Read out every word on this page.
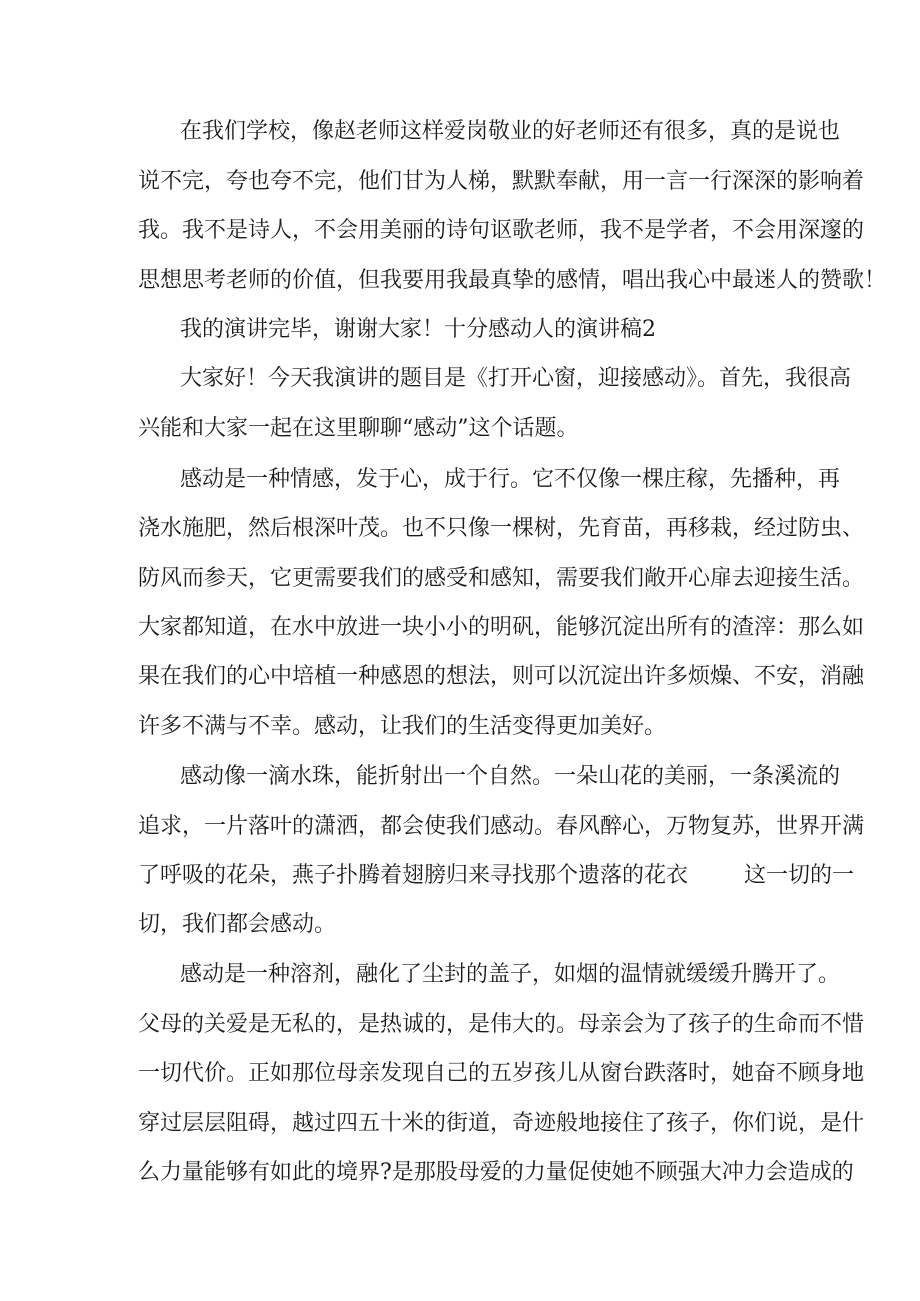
在我们学校，像赵老师这样爱岗敬业的好老师还有很多，真的是说也
说不完，夸也夸不完，他们甘为人梯，默默奉献，用一言一行深深的影响着
我。我不是诗人，不会用美丽的诗句讴歌老师，我不是学者，不会用深邃的
思想思考老师的价值，但我要用我最真挚的感情，唱出我心中最迷人的赞歌！
我的演讲完毕，谢谢大家！十分感动人的演讲稿2
大家好！今天我演讲的题目是《打开心窗，迎接感动》。首先，我很高
兴能和大家一起在这里聊聊“感动”这个话题。
感动是一种情感，发于心，成于行。它不仅像一棵庄稼，先播种，再
浇水施肥，然后根深叶茂。也不只像一棵树，先育苗，再移栽，经过防虫、
防风而参天，它更需要我们的感受和感知，需要我们敞开心扉去迎接生活。
大家都知道，在水中放进一块小小的明矾，能够沉淀出所有的渣滓：那么如
果在我们的心中培植一种感恩的想法，则可以沉淀出许多烦燥、不安，消融
许多不满与不幸。感动，让我们的生活变得更加美好。
感动像一滴水珠，能折射出一个自然。一朵山花的美丽，一条溪流的
追求，一片落叶的潇洒，都会使我们感动。春风醉心，万物复苏，世界开满
了呼吸的花朵，燕子扑腾着翅膀归来寻找那个遗落的花衣	这一切的一
切，我们都会感动。
感动是一种溶剂，融化了尘封的盖子，如烟的温情就缓缓升腾开了。
父母的关爱是无私的，是热诚的，是伟大的。母亲会为了孩子的生命而不惜
一切代价。正如那位母亲发现自己的五岁孩儿从窗台跌落时，她奋不顾身地
穿过层层阻碍，越过四五十米的街道，奇迹般地接住了孩子，你们说，是什
么力量能够有如此的境界?是那股母爱的力量促使她不顾强大冲力会造成的
